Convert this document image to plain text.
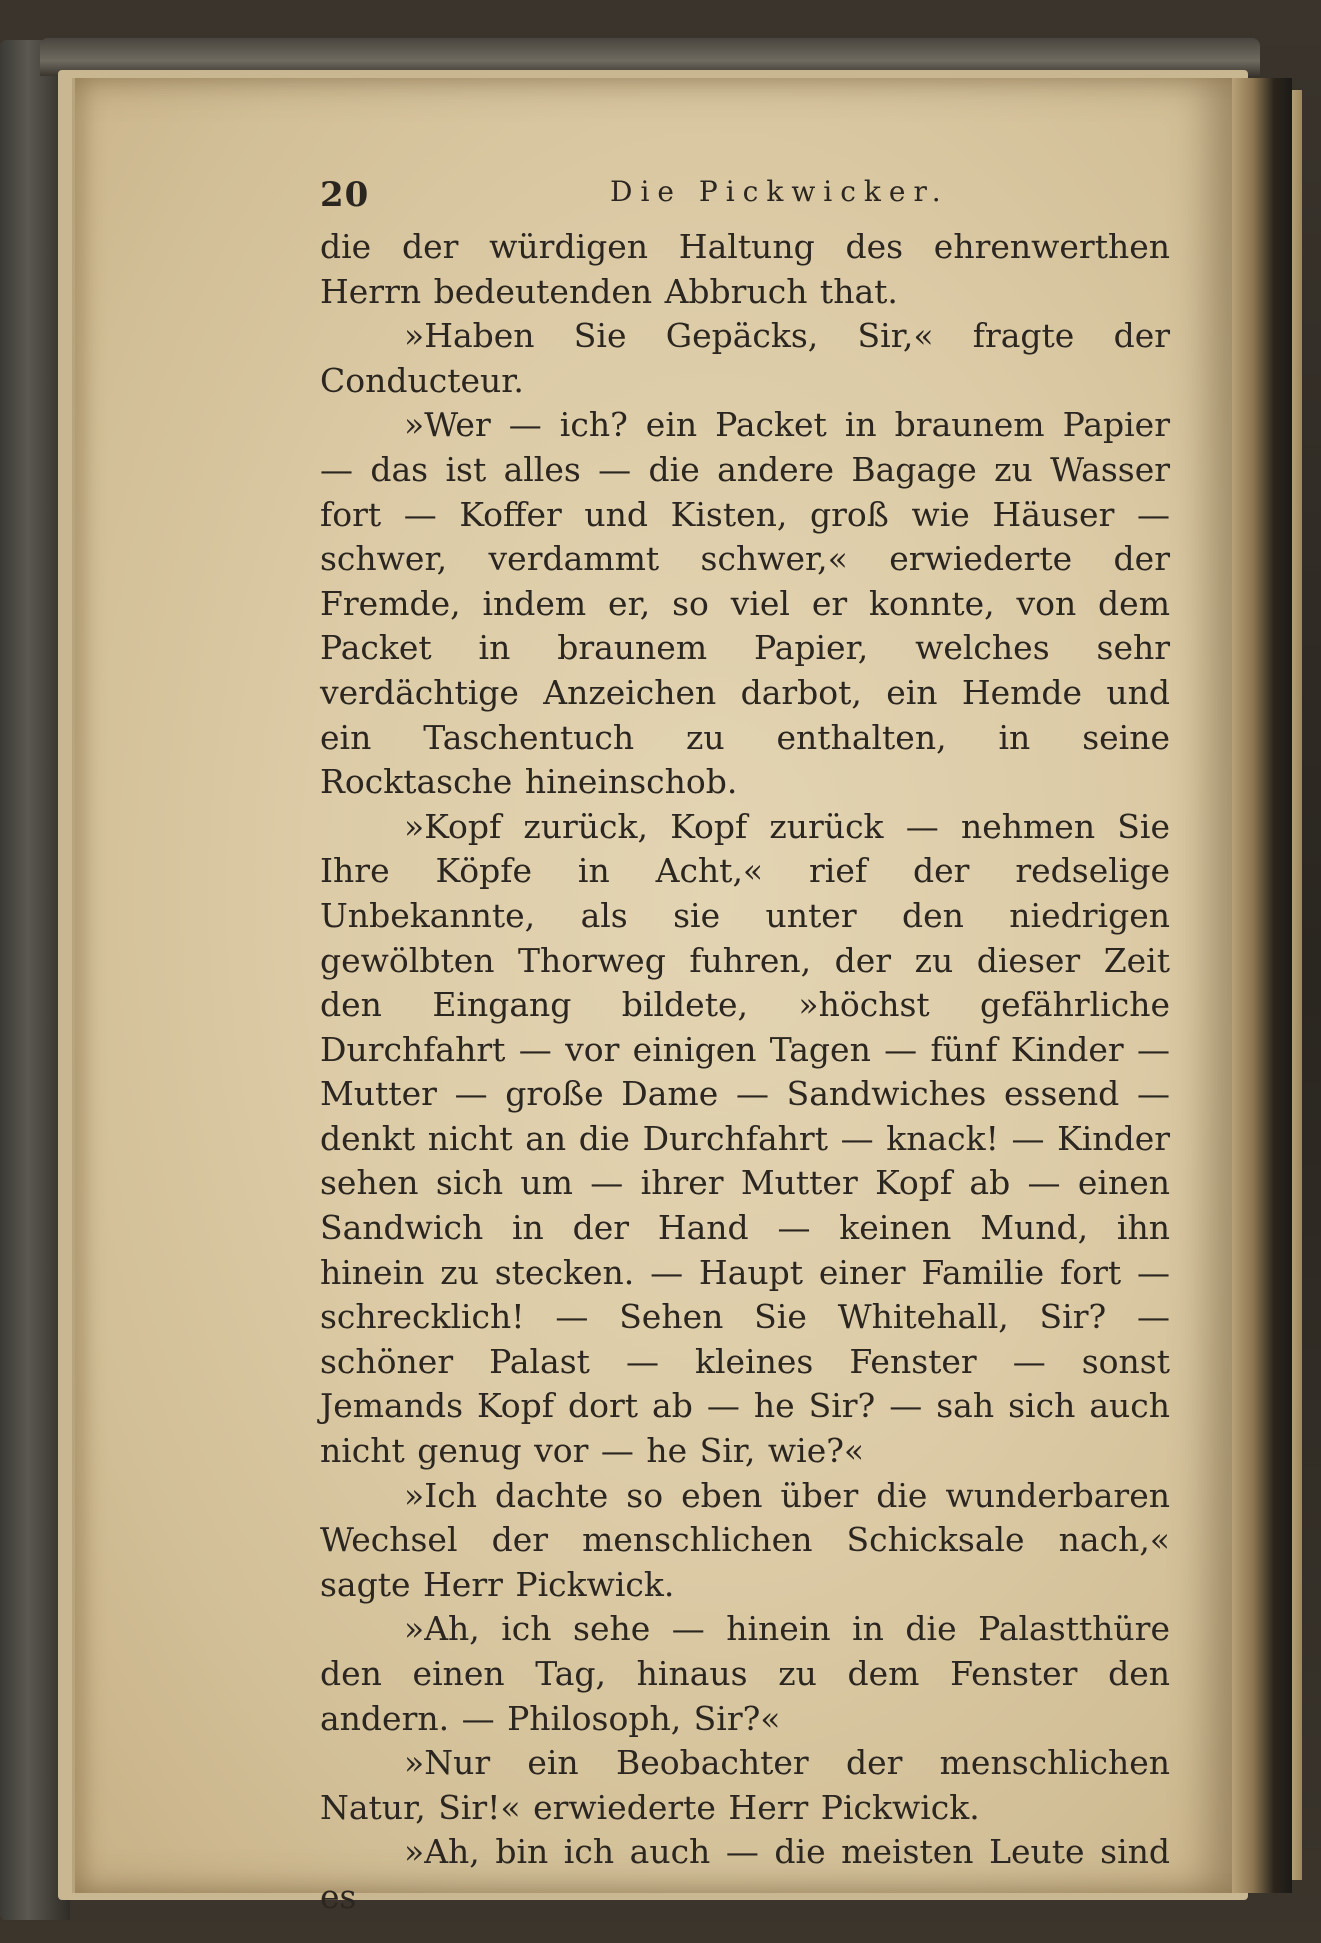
20	Die Pickwicker.

die der würdigen Haltung des ehrenwerthen Herrn bedeutenden Abbruch that.

»Haben Sie Gepäcks, Sir,« fragte der Conducteur.

»Wer — ich? ein Packet in braunem Papier — das ist alles — die andere Bagage zu Wasser fort — Koffer und Kisten, groß wie Häuser — schwer, verdammt schwer,« erwiederte der Fremde, indem er, so viel er konnte, von dem Packet in braunem Papier, welches sehr verdächtige Anzeichen darbot, ein Hemde und ein Taschentuch zu enthalten, in seine Rocktasche hineinschob.

»Kopf zurück, Kopf zurück — nehmen Sie Ihre Köpfe in Acht,« rief der redselige Unbekannte, als sie unter den niedrigen gewölbten Thorweg fuhren, der zu dieser Zeit den Eingang bildete, »höchst gefährliche Durchfahrt — vor einigen Tagen — fünf Kinder — Mutter — große Dame — Sandwiches essend — denkt nicht an die Durchfahrt — knack! — Kinder sehen sich um — ihrer Mutter Kopf ab — einen Sandwich in der Hand — keinen Mund, ihn hinein zu stecken. — Haupt einer Familie fort — schrecklich! — Sehen Sie Whitehall, Sir? — schöner Palast — kleines Fenster — sonst Jemands Kopf dort ab — he Sir? — sah sich auch nicht genug vor — he Sir, wie?«

»Ich dachte so eben über die wunderbaren Wechsel der menschlichen Schicksale nach,« sagte Herr Pickwick.

»Ah, ich sehe — hinein in die Palastthüre den einen Tag, hinaus zu dem Fenster den andern. — Philosoph, Sir?«

»Nur ein Beobachter der menschlichen Natur, Sir!« erwiederte Herr Pickwick.

»Ah, bin ich auch — die meisten Leute sind es
